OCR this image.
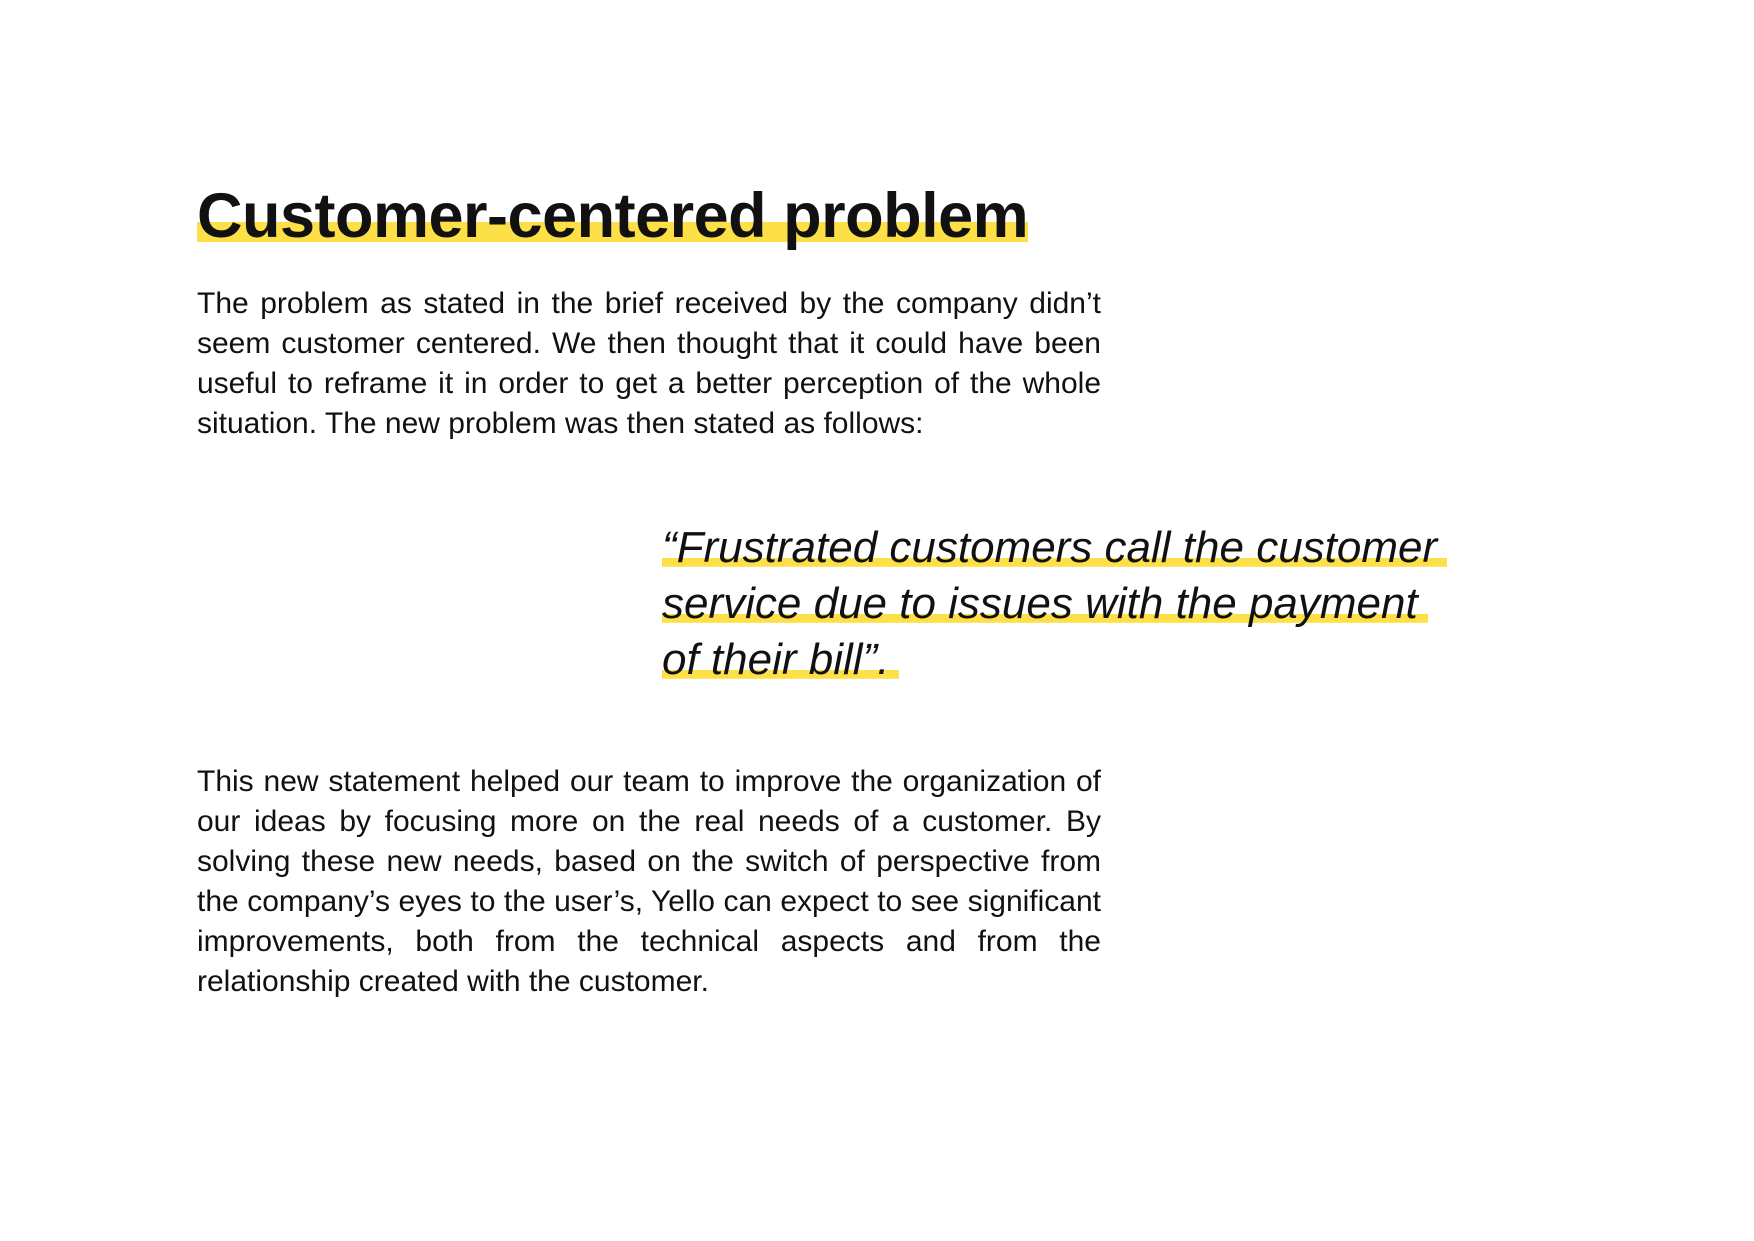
Customer-centered problem

The problem as stated in the brief received by the company didn’t seem customer centered. We then thought that it could have been useful to reframe it in order to get a better perception of the whole situation. The new problem was then stated as follows:

“Frustrated customers call the customer
service due to issues with the payment
of their bill”.

This new statement helped our team to improve the organization of our ideas by focusing more on the real needs of a customer. By solving these new needs, based on the switch of perspective from the company’s eyes to the user’s, Yello can expect to see significant improvements, both from the technical aspects and from the relationship created with the customer.
